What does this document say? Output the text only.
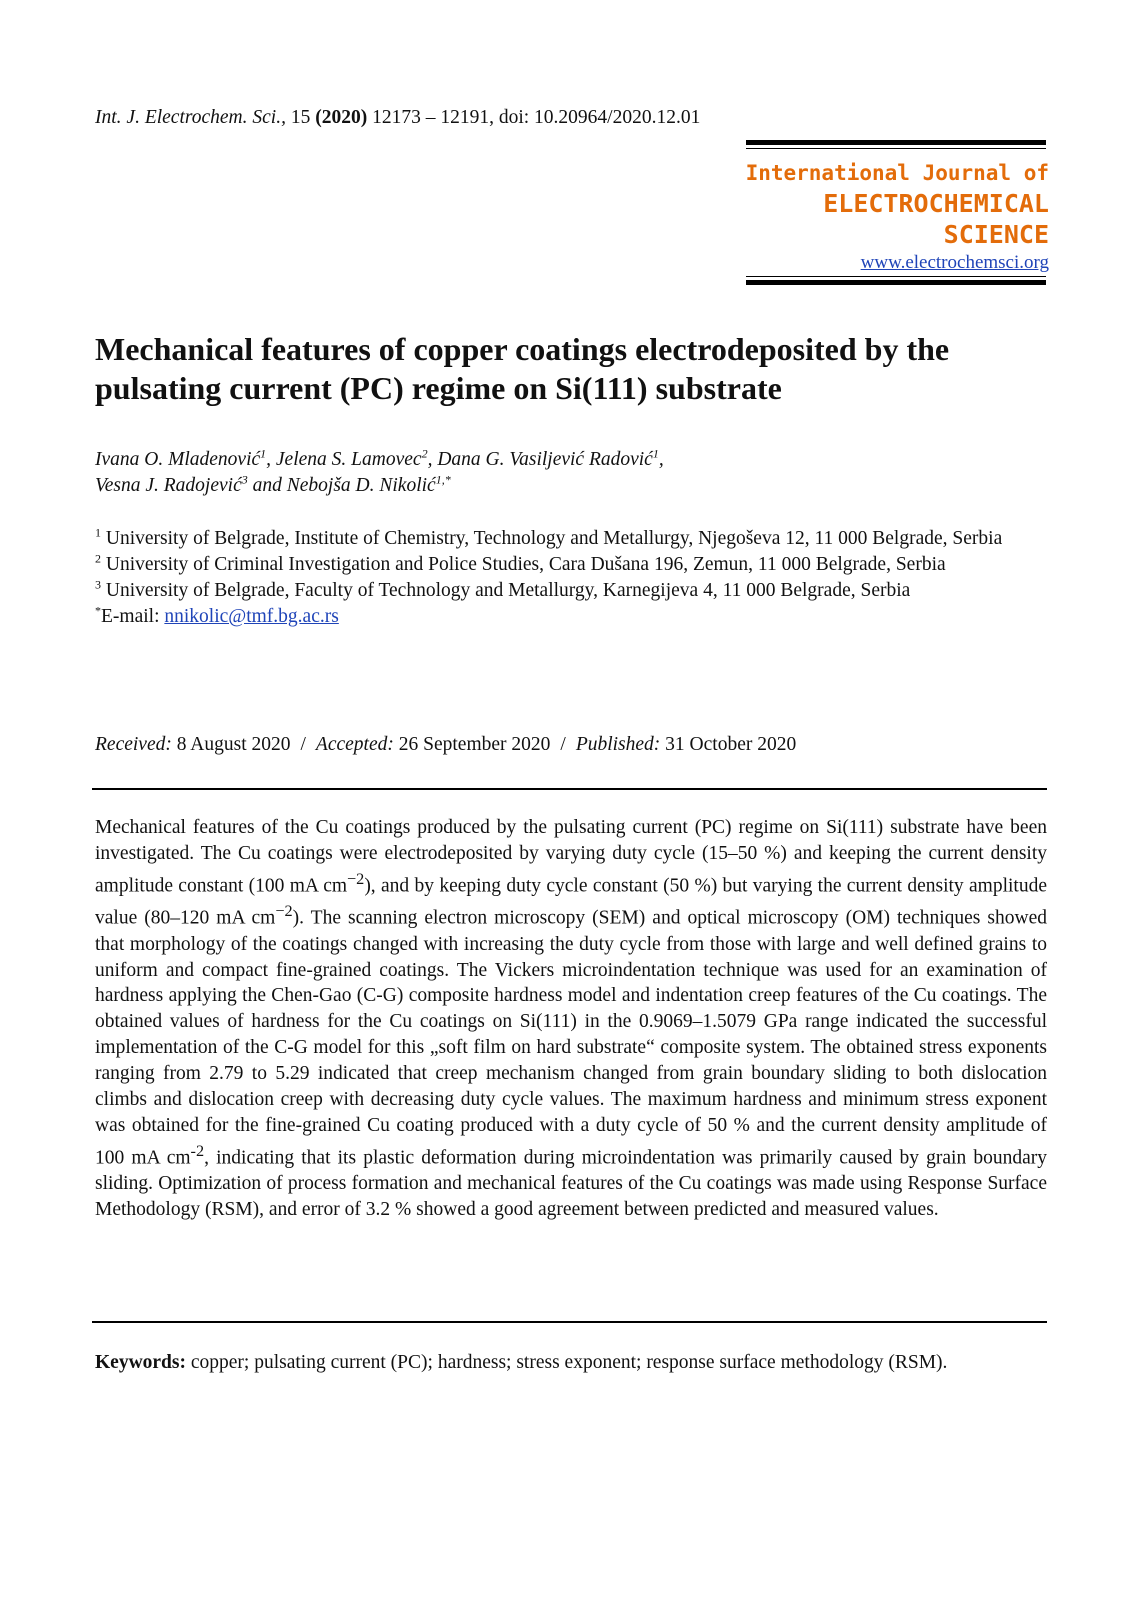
Int. J. Electrochem. Sci., 15 (2020) 12173 – 12191, doi: 10.20964/2020.12.01
International Journal of
ELECTROCHEMICAL
SCIENCE
www.electrochemsci.org
Mechanical features of copper coatings electrodeposited by the pulsating current (PC) regime on Si(111) substrate
Ivana O. Mladenović$^1$, Jelena S. Lamovec$^2$, Dana G. Vasiljević Radović$^1$,
Vesna J. Radojević$^3$ and Nebojša D. Nikolić$^{1,*}$
$^1$ University of Belgrade, Institute of Chemistry, Technology and Metallurgy, Njegoševa 12, 11 000 Belgrade, Serbia
$^2$ University of Criminal Investigation and Police Studies, Cara Dušana 196, Zemun, 11 000 Belgrade, Serbia
$^3$ University of Belgrade, Faculty of Technology and Metallurgy, Karnegijeva 4, 11 000 Belgrade, Serbia
*E-mail: nnikolic@tmf.bg.ac.rs
Received: 8 August 2020 / Accepted: 26 September 2020 / Published: 31 October 2020
Mechanical features of the Cu coatings produced by the pulsating current (PC) regime on Si(111) substrate have been investigated. The Cu coatings were electrodeposited by varying duty cycle (15–50 %) and keeping the current density amplitude constant (100 mA $cm^{-2}$), and by keeping duty cycle constant (50 %) but varying the current density amplitude value (80–120 mA $cm^{-2}$). The scanning electron microscopy (SEM) and optical microscopy (OM) techniques showed that morphology of the coatings changed with increasing the duty cycle from those with large and well defined grains to uniform and compact fine-grained coatings. The Vickers microindentation technique was used for an examination of hardness applying the Chen-Gao (C-G) composite hardness model and indentation creep features of the Cu coatings. The obtained values of hardness for the Cu coatings on Si(111) in the 0.9069–1.5079 GPa range indicated the successful implementation of the C-G model for this „soft film on hard substrate“ composite system. The obtained stress exponents ranging from 2.79 to 5.29 indicated that creep mechanism changed from grain boundary sliding to both dislocation climbs and dislocation creep with decreasing duty cycle values. The maximum hardness and minimum stress exponent was obtained for the fine-grained Cu coating produced with a duty cycle of 50 % and the current density amplitude of 100 mA $cm^{-2}$, indicating that its plastic deformation during microindentation was primarily caused by grain boundary sliding. Optimization of process formation and mechanical features of the Cu coatings was made using Response Surface Methodology (RSM), and error of 3.2 % showed a good agreement between predicted and measured values.
Keywords: copper; pulsating current (PC); hardness; stress exponent; response surface methodology (RSM).
